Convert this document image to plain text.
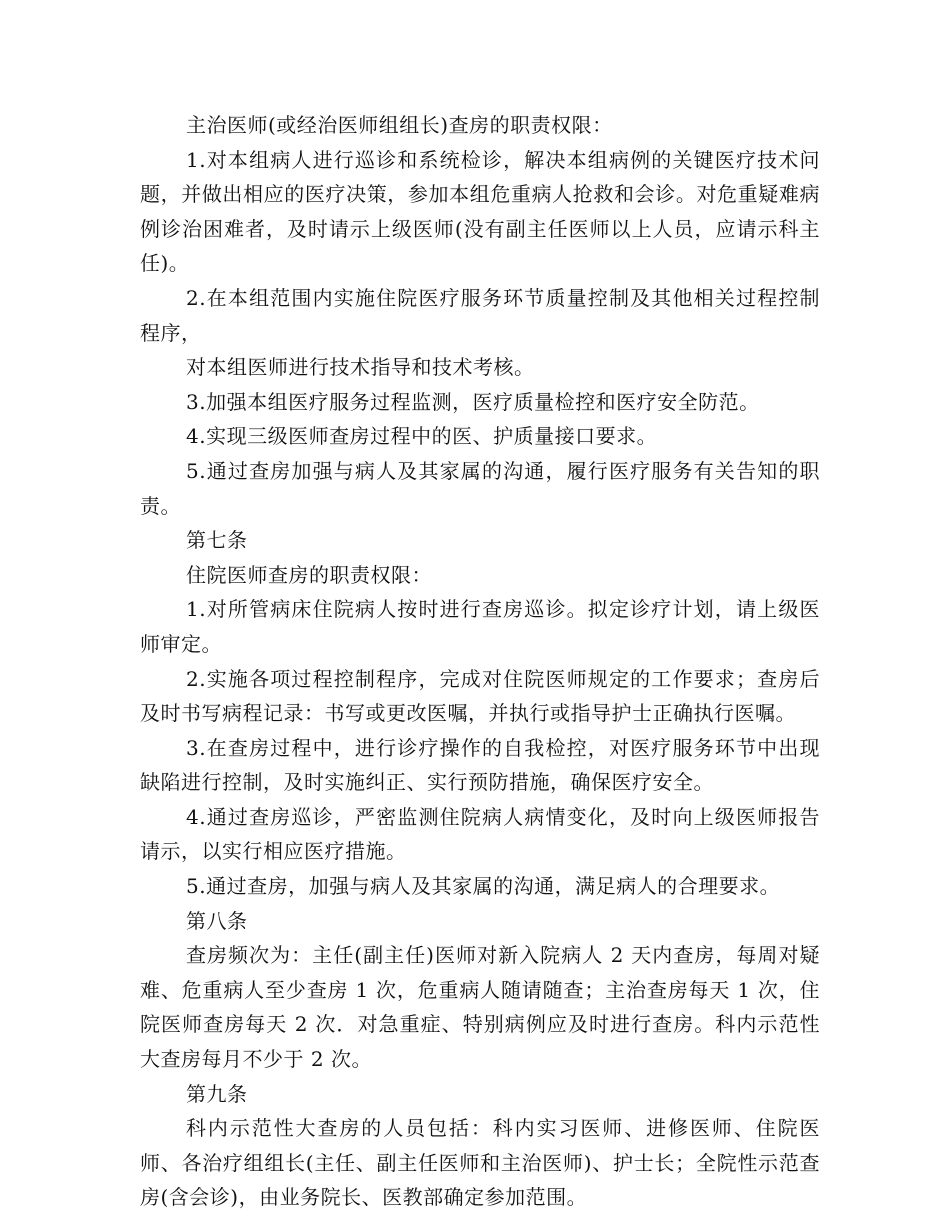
主治医师(或经治医师组组长)查房的职责权限：

1.对本组病人进行巡诊和系统检诊，解决本组病例的关键医疗技术问题，并做出相应的医疗决策，参加本组危重病人抢救和会诊。对危重疑难病例诊治困难者，及时请示上级医师(没有副主任医师以上人员，应请示科主任)。

2.在本组范围内实施住院医疗服务环节质量控制及其他相关过程控制程序，

对本组医师进行技术指导和技术考核。

3.加强本组医疗服务过程监测，医疗质量检控和医疗安全防范。

4.实现三级医师查房过程中的医、护质量接口要求。

5.通过查房加强与病人及其家属的沟通，履行医疗服务有关告知的职责。

第七条

住院医师查房的职责权限：

1.对所管病床住院病人按时进行查房巡诊。拟定诊疗计划，请上级医师审定。

2.实施各项过程控制程序，完成对住院医师规定的工作要求；查房后及时书写病程记录：书写或更改医嘱，并执行或指导护士正确执行医嘱。

3.在查房过程中，进行诊疗操作的自我检控，对医疗服务环节中出现缺陷进行控制，及时实施纠正、实行预防措施，确保医疗安全。

4.通过查房巡诊，严密监测住院病人病情变化，及时向上级医师报告请示，以实行相应医疗措施。

5.通过查房，加强与病人及其家属的沟通，满足病人的合理要求。

第八条

查房频次为：主任(副主任)医师对新入院病人 2 天内查房，每周对疑难、危重病人至少查房 1 次，危重病人随请随查；主治查房每天 1 次，住院医师查房每天 2 次．对急重症、特别病例应及时进行查房。科内示范性大查房每月不少于 2 次。

第九条

科内示范性大查房的人员包括：科内实习医师、进修医师、住院医师、各治疗组组长(主任、副主任医师和主治医师)、护士长；全院性示范查房(含会诊)，由业务院长、医教部确定参加范围。
